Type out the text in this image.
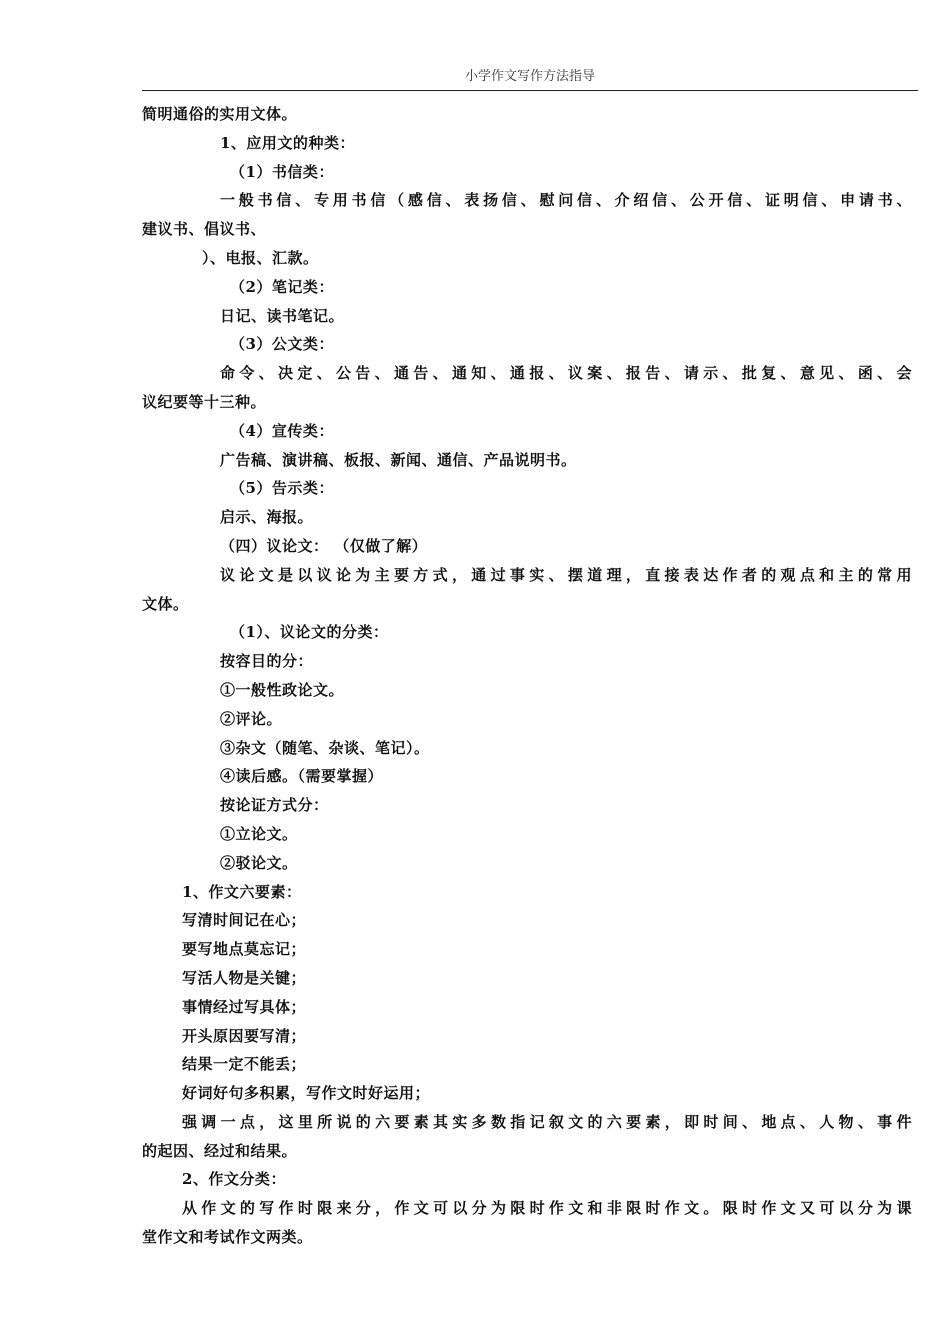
小学作文写作方法指导
简明通俗的实用文体。
1、应用文的种类：
（1）书信类：
一般书信、专用书信（感信、表扬信、慰问信、介绍信、公开信、证明信、申请书、
建议书、倡议书、
）、电报、汇款。
（2）笔记类：
日记、读书笔记。
（3）公文类：
命令、决定、公告、通告、通知、通报、议案、报告、请示、批复、意见、函、会
议纪要等十三种。
（4）宣传类：
广告稿、演讲稿、板报、新闻、通信、产品说明书。
（5）告示类：
启示、海报。
（四）议论文： （仅做了解）
议论文是以议论为主要方式，通过事实、摆道理，直接表达作者的观点和主的常用
文体。
（1）、议论文的分类：
按容目的分：
①一般性政论文。
②评论。
③杂文（随笔、杂谈、笔记）。
④读后感。（需要掌握）
按论证方式分：
①立论文。
②驳论文。
1、作文六要素：
写清时间记在心；
要写地点莫忘记；
写活人物是关键；
事情经过写具体；
开头原因要写清；
结果一定不能丢；
好词好句多积累，写作文时好运用；
强调一点，这里所说的六要素其实多数指记叙文的六要素，即时间、地点、人物、事件
的起因、经过和结果。
2、作文分类：
从作文的写作时限来分，作文可以分为限时作文和非限时作文。限时作文又可以分为课
堂作文和考试作文两类。
